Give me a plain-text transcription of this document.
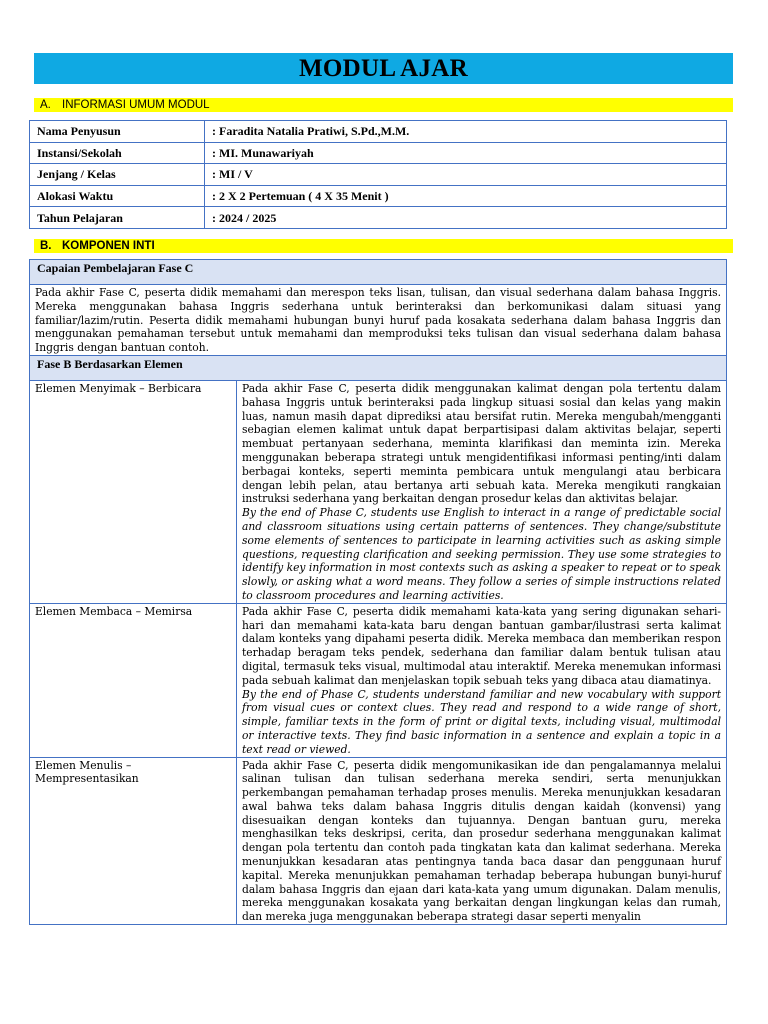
MODUL AJAR
A. INFORMASI UMUM MODUL
Nama Penyusun	: Faradita Natalia Pratiwi, S.Pd.,M.M.
Instansi/Sekolah	: MI. Munawariyah
Jenjang / Kelas	: MI / V
Alokasi Waktu	: 2 X 2 Pertemuan ( 4 X 35 Menit )
Tahun Pelajaran	: 2024 / 2025
B. KOMPONEN INTI
Capaian Pembelajaran Fase C	
Pada akhir Fase C, peserta didik memahami dan merespon teks lisan, tulisan, dan visual sederhana dalam bahasa Inggris. Mereka menggunakan bahasa Inggris sederhana untuk berinteraksi dan berkomunikasi dalam situasi yang familiar/lazim/rutin. Peserta didik memahami hubungan bunyi huruf pada kosakata sederhana dalam bahasa Inggris dan menggunakan pemahaman tersebut untuk memahami dan memproduksi teks tulisan dan visual sederhana dalam bahasa Inggris dengan bantuan contoh.	
Fase B Berdasarkan Elemen	
Elemen Menyimak – Berbicara	Pada akhir Fase C, peserta didik menggunakan kalimat dengan pola tertentu dalam bahasa Inggris untuk berinteraksi pada lingkup situasi sosial dan kelas yang makin luas, namun masih dapat diprediksi atau bersifat rutin. Mereka mengubah/mengganti sebagian elemen kalimat untuk dapat berpartisipasi dalam aktivitas belajar, seperti membuat pertanyaan sederhana, meminta klarifikasi dan meminta izin. Mereka menggunakan beberapa strategi untuk mengidentifikasi informasi penting/inti dalam berbagai konteks, seperti meminta pembicara untuk mengulangi atau berbicara dengan lebih pelan, atau bertanya arti sebuah kata. Mereka mengikuti rangkaian instruksi sederhana yang berkaitan dengan prosedur kelas dan aktivitas belajar.
By the end of Phase C, students use English to interact in a range of predictable social and classroom situations using certain patterns of sentences. They change/substitute some elements of sentences to participate in learning activities such as asking simple questions, requesting clarification and seeking permission. They use some strategies to identify key information in most contexts such as asking a speaker to repeat or to speak slowly, or asking what a word means. They follow a series of simple instructions related to classroom procedures and learning activities.

Elemen Membaca – Memirsa	Pada akhir Fase C, peserta didik memahami kata-kata yang sering digunakan sehari-hari dan memahami kata-kata baru dengan bantuan gambar/ilustrasi serta kalimat dalam konteks yang dipahami peserta didik. Mereka membaca dan memberikan respon terhadap beragam teks pendek, sederhana dan familiar dalam bentuk tulisan atau digital, termasuk teks visual, multimodal atau interaktif. Mereka menemukan informasi pada sebuah kalimat dan menjelaskan topik sebuah teks yang dibaca atau diamatinya.
By the end of Phase C, students understand familiar and new vocabulary with support from visual cues or context clues. They read and respond to a wide range of short, simple, familiar texts in the form of print or digital texts, including visual, multimodal or interactive texts. They find basic information in a sentence and explain a topic in a text read or viewed.

Elemen Menulis – Mempresentasikan	Pada akhir Fase C, peserta didik mengomunikasikan ide dan pengalamannya melalui salinan tulisan dan tulisan sederhana mereka sendiri, serta menunjukkan perkembangan pemahaman terhadap proses menulis. Mereka menunjukkan kesadaran awal bahwa teks dalam bahasa Inggris ditulis dengan kaidah (konvensi) yang disesuaikan dengan konteks dan tujuannya. Dengan bantuan guru, mereka menghasilkan teks deskripsi, cerita, dan prosedur sederhana menggunakan kalimat dengan pola tertentu dan contoh pada tingkatan kata dan kalimat sederhana. Mereka menunjukkan kesadaran atas pentingnya tanda baca dasar dan penggunaan huruf kapital. Mereka menunjukkan pemahaman terhadap beberapa hubungan bunyi-huruf dalam bahasa Inggris dan ejaan dari kata-kata yang umum digunakan. Dalam menulis, mereka menggunakan kosakata yang berkaitan dengan lingkungan kelas dan rumah, dan mereka juga menggunakan beberapa strategi dasar seperti menyalin
